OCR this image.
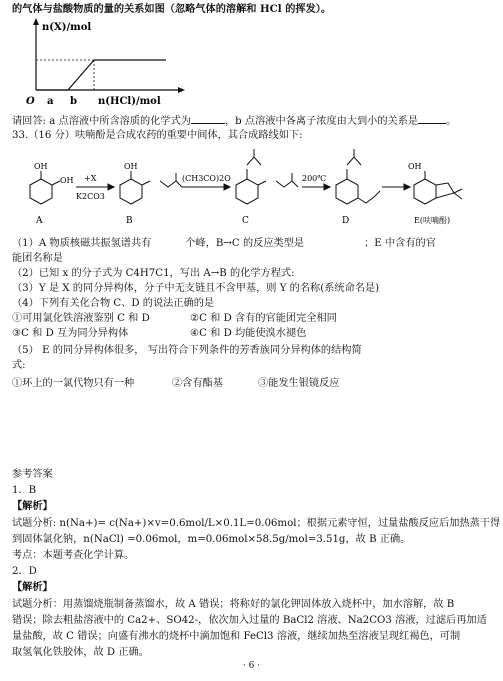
的气体与盐酸物质的量的关系如图（忽略气体的溶解和 HCl 的挥发）。
n(X)/mol
O a b n(HCl)/mol
请回答: a 点溶液中所含溶质的化学式为	，b 点溶液中各离子浓度由大到小的关系是	。
33.（16 分）呋喃酚是合成农药的重要中间体，其合成路线如下:
OH
OH
OH	OH
+X
K2CO3
(CH3CO)2O	200℃
A	B	C	D	E(呋喃酚)
（1）A 物质核磁共振氢谱共有	个峰，B→C 的反应类型是	；E 中含有的官
能团名称是
（2）已知 x 的分子式为 C4H7C1，写出 A→B 的化学方程式:
（3）Y 是 X 的同分异构体，分子中无支链且不含甲基，则 Y 的名称(系统命名是)
（4）下列有关化合物 C、D 的说法正确的是
①可用氯化铁溶液鉴别 C 和 D	②C 和 D 含有的官能团完全相同
③C 和 D 互为同分异构体	④C 和 D 均能使溴水褪色
（5） E 的同分异构体很多， 写出符合下列条件的芳香族同分异构体的结构简
式:
①环上的一氯代物只有一种	②含有酯基	③能发生银镜反应
参考答案
1．B
【解析】
试题分析: n(Na+)= c(Na+)×v=0.6mol/L×0.1L=0.06mol；根据元素守恒，过量盐酸反应后加热蒸干得
到固体氯化钠，n(NaCl) =0.06mol，m=0.06mol×58.5g/mol=3.51g，故 B 正确。
考点：本题考查化学计算。
2．D
【解析】
试题分析：用蒸馏烧瓶制备蒸馏水，故 A 错误；将称好的氯化钾固体放入烧杯中，加水溶解，故 B
错误；除去粗盐溶液中的 Ca2+、SO42-，依次加入过量的 BaCl2 溶液、Na2CO3 溶液，过滤后再加适
量盐酸，故 C 错误；向盛有沸水的烧杯中滴加饱和 FeCl3 溶液，继续加热至溶液呈现红褐色，可制
取氢氧化铁胶体，故 D 正确。
· 6 ·
